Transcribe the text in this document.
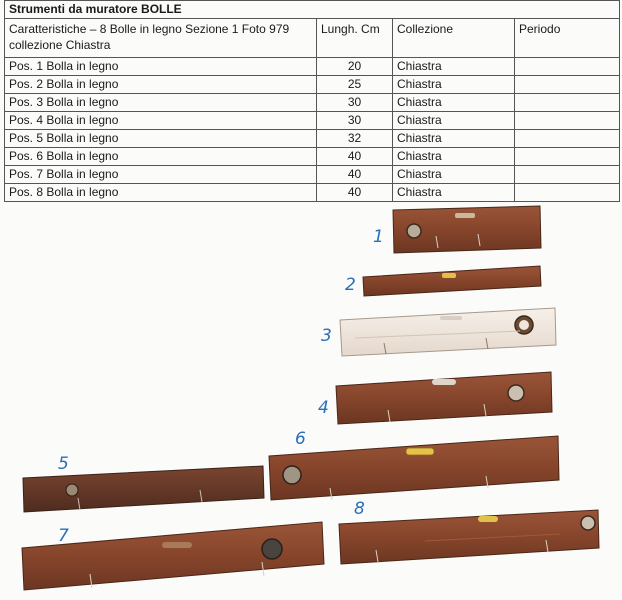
Strumenti da muratore BOLLE			
Caratteristiche – 8 Bolle in legno Sezione 1 Foto 979
collezione Chiastra	Lungh. Cm	Collezione	Periodo
Pos. 1 Bolla in legno	20	Chiastra	
Pos. 2 Bolla in legno	25	Chiastra	
Pos. 3 Bolla in legno	30	Chiastra	
Pos. 4 Bolla in legno	30	Chiastra	
Pos. 5 Bolla in legno	32	Chiastra	
Pos. 6 Bolla in legno	40	Chiastra	
Pos. 7 Bolla in legno	40	Chiastra	
Pos. 8 Bolla in legno	40	Chiastra	
1
2
3
4
5
6
7
8
